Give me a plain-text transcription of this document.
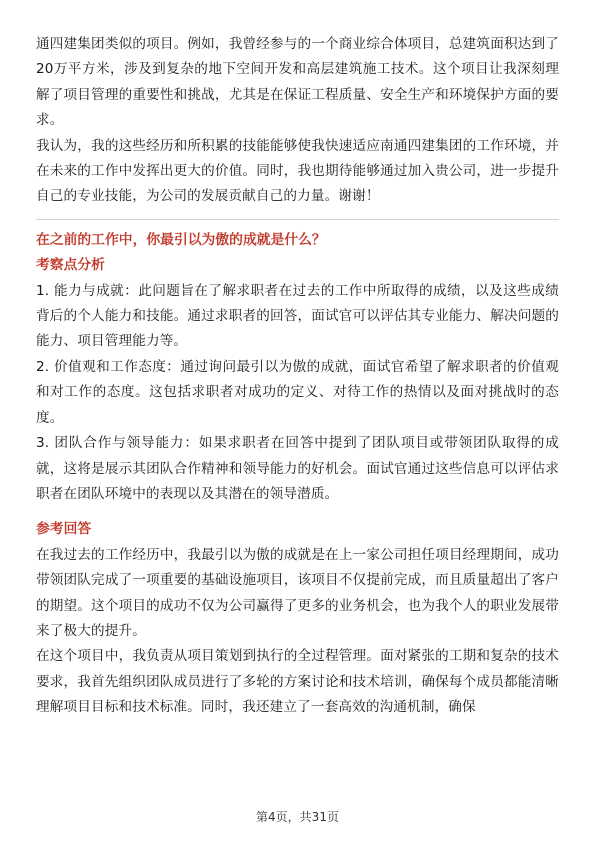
通四建集团类似的项目。例如，我曾经参与的一个商业综合体项目，总建筑面积达到了20万平方米，涉及到复杂的地下空间开发和高层建筑施工技术。这个项目让我深刻理解了项目管理的重要性和挑战，尤其是在保证工程质量、安全生产和环境保护方面的要求。

我认为，我的这些经历和所积累的技能能够使我快速适应南通四建集团的工作环境，并在未来的工作中发挥出更大的价值。同时，我也期待能够通过加入贵公司，进一步提升自己的专业技能，为公司的发展贡献自己的力量。谢谢！

在之前的工作中，你最引以为傲的成就是什么？
考察点分析

1. 能力与成就：此问题旨在了解求职者在过去的工作中所取得的成绩，以及这些成绩背后的个人能力和技能。通过求职者的回答，面试官可以评估其专业能力、解决问题的能力、项目管理能力等。

2. 价值观和工作态度：通过询问最引以为傲的成就，面试官希望了解求职者的价值观和对工作的态度。这包括求职者对成功的定义、对待工作的热情以及面对挑战时的态度。

3. 团队合作与领导能力：如果求职者在回答中提到了团队项目或带领团队取得的成就，这将是展示其团队合作精神和领导能力的好机会。面试官通过这些信息可以评估求职者在团队环境中的表现以及其潜在的领导潜质。

参考回答

在我过去的工作经历中，我最引以为傲的成就是在上一家公司担任项目经理期间，成功带领团队完成了一项重要的基础设施项目，该项目不仅提前完成，而且质量超出了客户的期望。这个项目的成功不仅为公司赢得了更多的业务机会，也为我个人的职业发展带来了极大的提升。

在这个项目中，我负责从项目策划到执行的全过程管理。面对紧张的工期和复杂的技术要求，我首先组织团队成员进行了多轮的方案讨论和技术培训，确保每个成员都能清晰理解项目目标和技术标准。同时，我还建立了一套高效的沟通机制，确保

第4页，共31页
